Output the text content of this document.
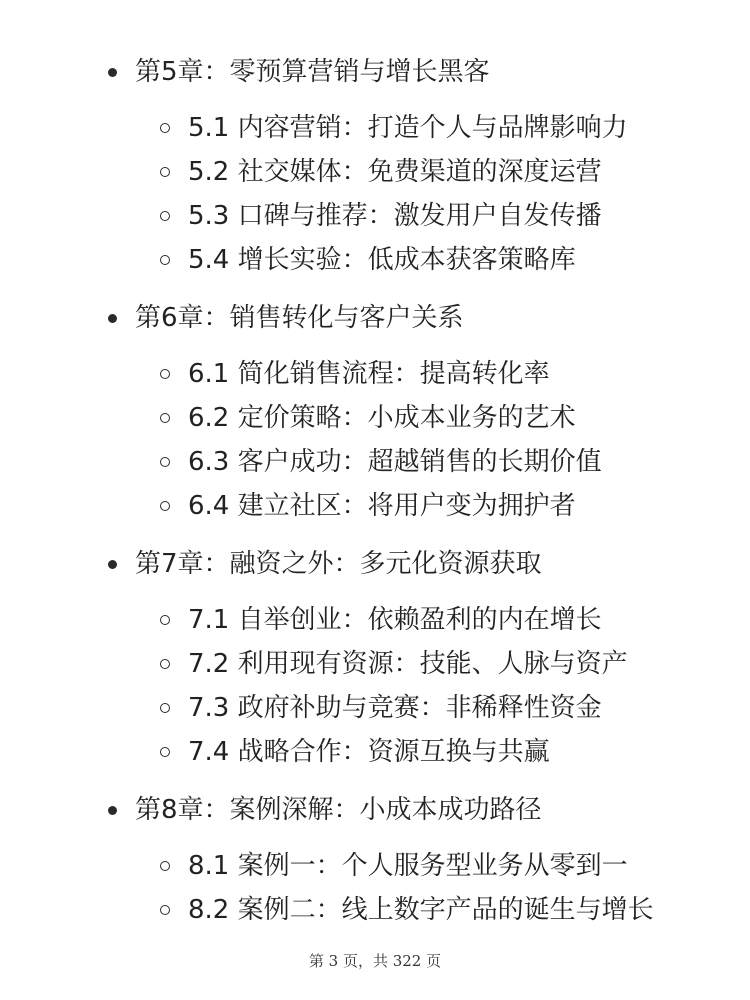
第5章：零预算营销与增长黑客
5.1 内容营销：打造个人与品牌影响力
5.2 社交媒体：免费渠道的深度运营
5.3 口碑与推荐：激发用户自发传播
5.4 增长实验：低成本获客策略库
第6章：销售转化与客户关系
6.1 简化销售流程：提高转化率
6.2 定价策略：小成本业务的艺术
6.3 客户成功：超越销售的长期价值
6.4 建立社区：将用户变为拥护者
第7章：融资之外：多元化资源获取
7.1 自举创业：依赖盈利的内在增长
7.2 利用现有资源：技能、人脉与资产
7.3 政府补助与竞赛：非稀释性资金
7.4 战略合作：资源互换与共赢
第8章：案例深解：小成本成功路径
8.1 案例一：个人服务型业务从零到一
8.2 案例二：线上数字产品的诞生与增长
第 3 页，共 322 页
